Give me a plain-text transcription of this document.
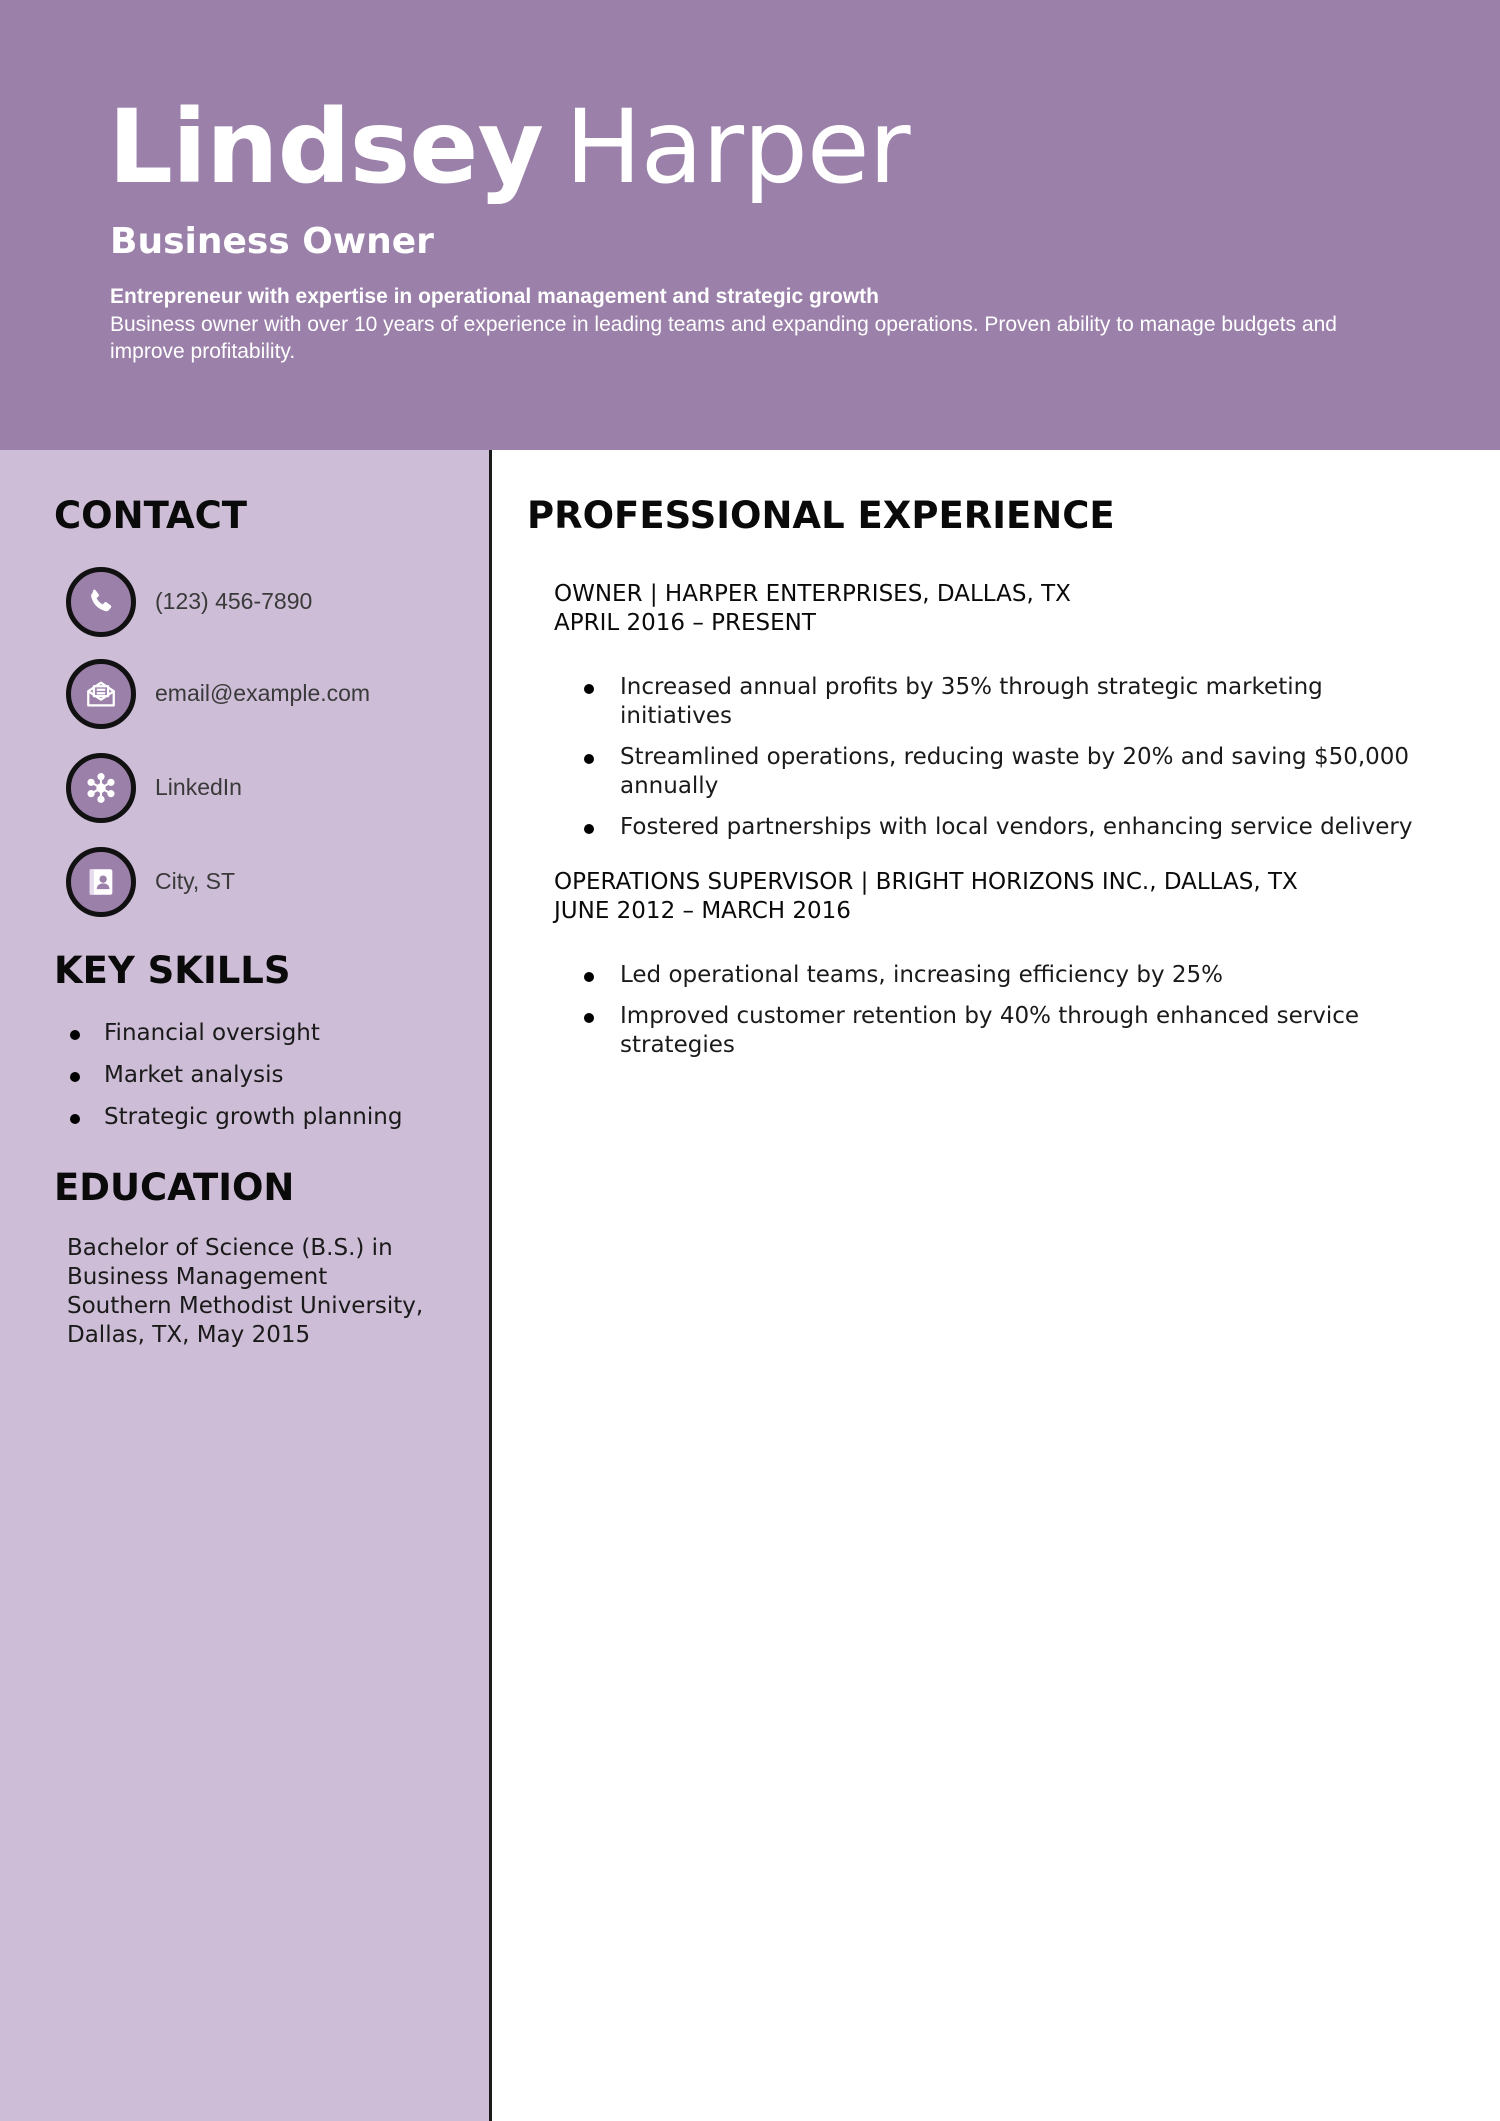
Lindsey Harper
Business Owner
Entrepreneur with expertise in operational management and strategic growth
Business owner with over 10 years of experience in leading teams and expanding operations. Proven ability to manage budgets and improve profitability.
CONTACT
(123) 456-7890
email@example.com
LinkedIn
City, ST
KEY SKILLS
Financial oversight
Market analysis
Strategic growth planning
EDUCATION
Bachelor of Science (B.S.) in
Business Management
Southern Methodist University,
Dallas, TX, May 2015
PROFESSIONAL EXPERIENCE
OWNER | HARPER ENTERPRISES, DALLAS, TX
APRIL 2016 – PRESENT
Increased annual profits by 35% through strategic marketing initiatives
Streamlined operations, reducing waste by 20% and saving $50,000 annually
Fostered partnerships with local vendors, enhancing service delivery
OPERATIONS SUPERVISOR | BRIGHT HORIZONS INC., DALLAS, TX
JUNE 2012 – MARCH 2016
Led operational teams, increasing efficiency by 25%
Improved customer retention by 40% through enhanced service strategies
